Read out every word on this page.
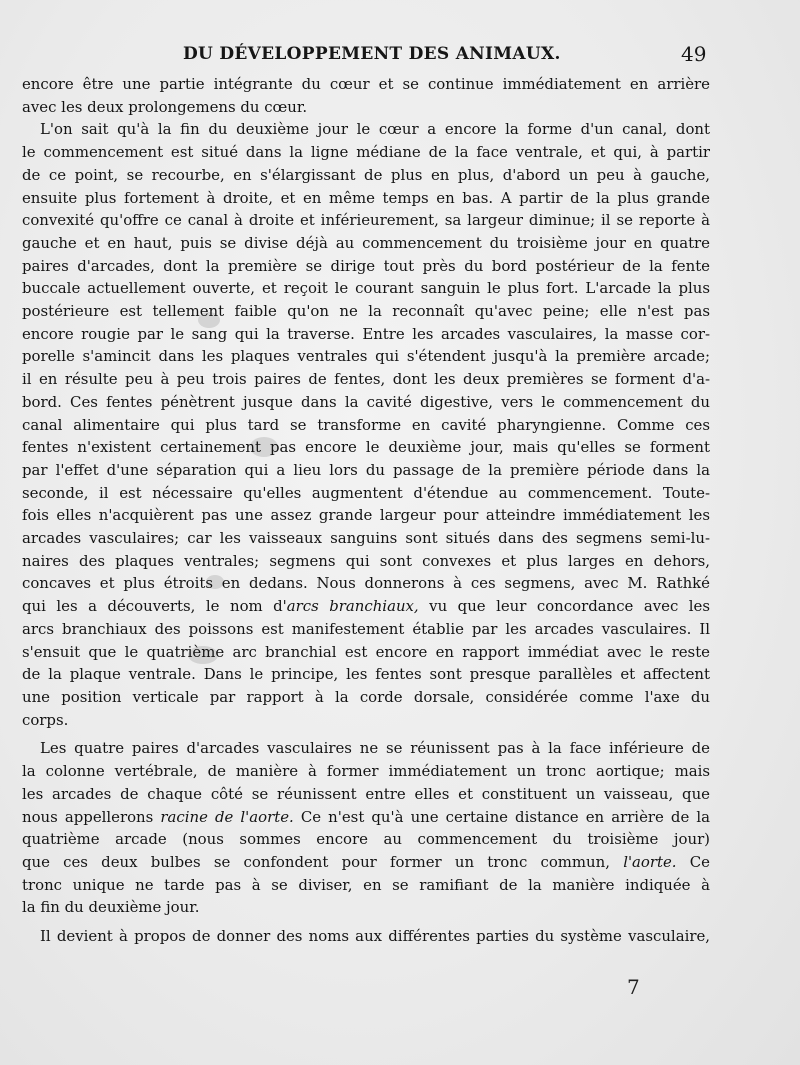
DU DÉVELOPPEMENT DES ANIMAUX.	49
encore être une partie intégrante du cœur et se continue immédiatement en arrière
avec les deux prolongemens du cœur.
L'on sait qu'à la fin du deuxième jour le cœur a encore la forme d'un canal, dont
le commencement est situé dans la ligne médiane de la face ventrale, et qui, à partir
de ce point, se recourbe, en s'élargissant de plus en plus, d'abord un peu à gauche,
ensuite plus fortement à droite, et en même temps en bas. A partir de la plus grande
convexité qu'offre ce canal à droite et inférieurement, sa largeur diminue; il se reporte à
gauche et en haut, puis se divise déjà au commencement du troisième jour en quatre
paires d'arcades, dont la première se dirige tout près du bord postérieur de la fente
buccale actuellement ouverte, et reçoit le courant sanguin le plus fort. L'arcade la plus
postérieure est tellement faible qu'on ne la reconnaît qu'avec peine; elle n'est pas
encore rougie par le sang qui la traverse. Entre les arcades vasculaires, la masse cor-
porelle s'amincit dans les plaques ventrales qui s'étendent jusqu'à la première arcade;
il en résulte peu à peu trois paires de fentes, dont les deux premières se forment d'a-
bord. Ces fentes pénètrent jusque dans la cavité digestive, vers le commencement du
canal alimentaire qui plus tard se transforme en cavité pharyngienne. Comme ces
fentes n'existent certainement pas encore le deuxième jour, mais qu'elles se forment
par l'effet d'une séparation qui a lieu lors du passage de la première période dans la
seconde, il est nécessaire qu'elles augmentent d'étendue au commencement. Toute-
fois elles n'acquièrent pas une assez grande largeur pour atteindre immédiatement les
arcades vasculaires; car les vaisseaux sanguins sont situés dans des segmens semi-lu-
naires des plaques ventrales; segmens qui sont convexes et plus larges en dehors,
concaves et plus étroits en dedans. Nous donnerons à ces segmens, avec M. Rathké
qui les a découverts, le nom d'arcs branchiaux, vu que leur concordance avec les
arcs branchiaux des poissons est manifestement établie par les arcades vasculaires. Il
s'ensuit que le quatrième arc branchial est encore en rapport immédiat avec le reste
de la plaque ventrale. Dans le principe, les fentes sont presque parallèles et affectent
une position verticale par rapport à la corde dorsale, considérée comme l'axe du
corps.
Les quatre paires d'arcades vasculaires ne se réunissent pas à la face inférieure de
la colonne vertébrale, de manière à former immédiatement un tronc aortique; mais
les arcades de chaque côté se réunissent entre elles et constituent un vaisseau, que
nous appellerons racine de l'aorte. Ce n'est qu'à une certaine distance en arrière de la
quatrième arcade (nous sommes encore au commencement du troisième jour)
que ces deux bulbes se confondent pour former un tronc commun, l'aorte. Ce
tronc unique ne tarde pas à se diviser, en se ramifiant de la manière indiquée à
la fin du deuxième jour.
Il devient à propos de donner des noms aux différentes parties du système vasculaire,
7
